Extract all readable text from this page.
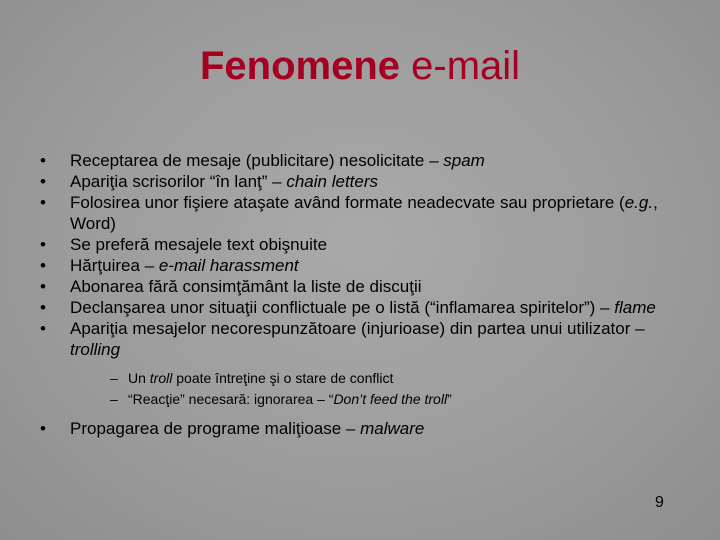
Fenomene e-mail
• Receptarea de mesaje (publicitare) nesolicitate – spam
• Apariţia scrisorilor “în lanţ” – chain letters
• Folosirea unor fişiere ataşate având formate neadecvate sau proprietare (e.g., Word)
• Se preferă mesajele text obişnuite
• Hărţuirea – e-mail harassment
• Abonarea fără consimţământ la liste de discuţii
• Declanşarea unor situaţii conflictuale pe o listă (“inflamarea spiritelor”) – flame
• Apariţia mesajelor necorespunzătoare (injurioase) din partea unui utilizator – trolling
– Un troll poate întreţine şi o stare de conflict
– “Reacţie” necesară: ignorarea – “Don’t feed the troll”
• Propagarea de programe maliţioase – malware
9
